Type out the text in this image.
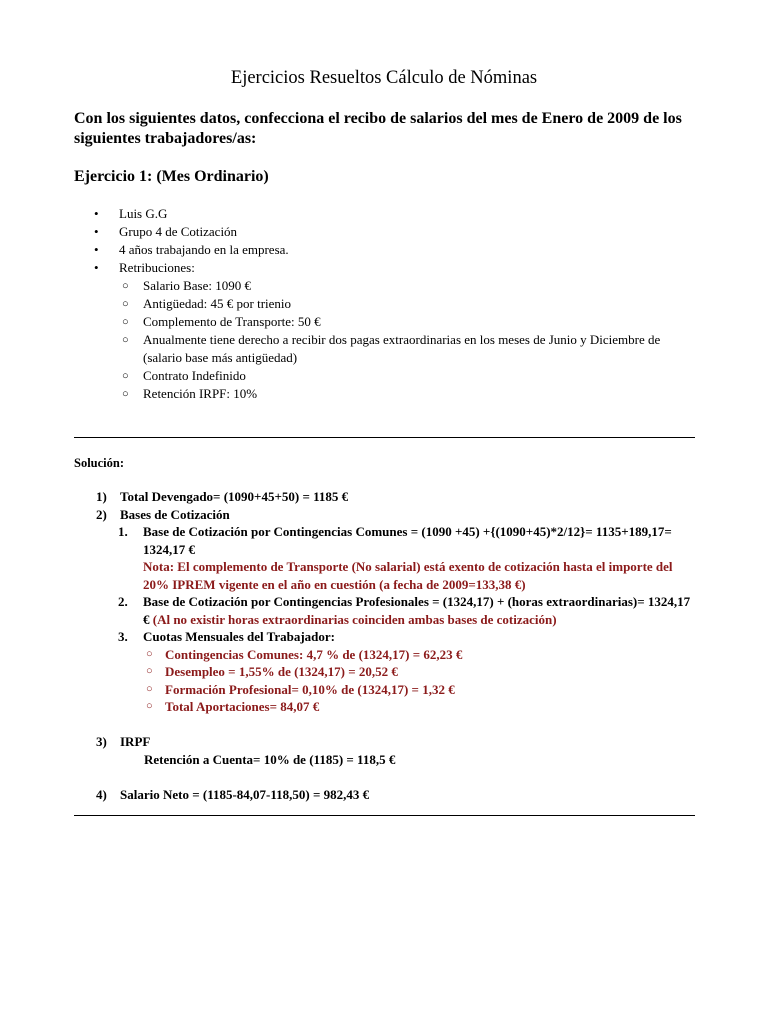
Ejercicios Resueltos Cálculo de Nóminas

Con los siguientes datos, confecciona el recibo de salarios del mes de Enero de 2009 de los siguientes trabajadores/as:

Ejercicio 1: (Mes Ordinario)
• Luis G.G
• Grupo 4 de Cotización
• 4 años trabajando en la empresa.
• Retribuciones:
○ Salario Base: 1090 €
○ Antigüedad: 45 € por trienio
○ Complemento de Transporte: 50 €
○ Anualmente tiene derecho a recibir dos pagas extraordinarias en los meses de Junio y Diciembre de (salario base más antigüedad)
○ Contrato Indefinido
○ Retención IRPF: 10%

Solución:

1) Total Devengado= (1090+45+50) = 1185 €
2) Bases de Cotización
1. Base de Cotización por Contingencias Comunes = (1090 +45) +{(1090+45)*2/12}= 1135+189,17= 1324,17 €
Nota: El complemento de Transporte (No salarial) está exento de cotización hasta el importe del 20% IPREM vigente en el año en cuestión (a fecha de 2009=133,38 €)
2. Base de Cotización por Contingencias Profesionales = (1324,17) + (horas extraordinarias)= 1324,17 € (Al no existir horas extraordinarias coinciden ambas bases de cotización)
3. Cuotas Mensuales del Trabajador:
○ Contingencias Comunes: 4,7 % de (1324,17) = 62,23 €
○ Desempleo = 1,55% de (1324,17) = 20,52 €
○ Formación Profesional= 0,10% de (1324,17) = 1,32 €
○ Total Aportaciones= 84,07 €
3) IRPF
Retención a Cuenta= 10% de (1185) = 118,5 €
4) Salario Neto = (1185-84,07-118,50) = 982,43 €
